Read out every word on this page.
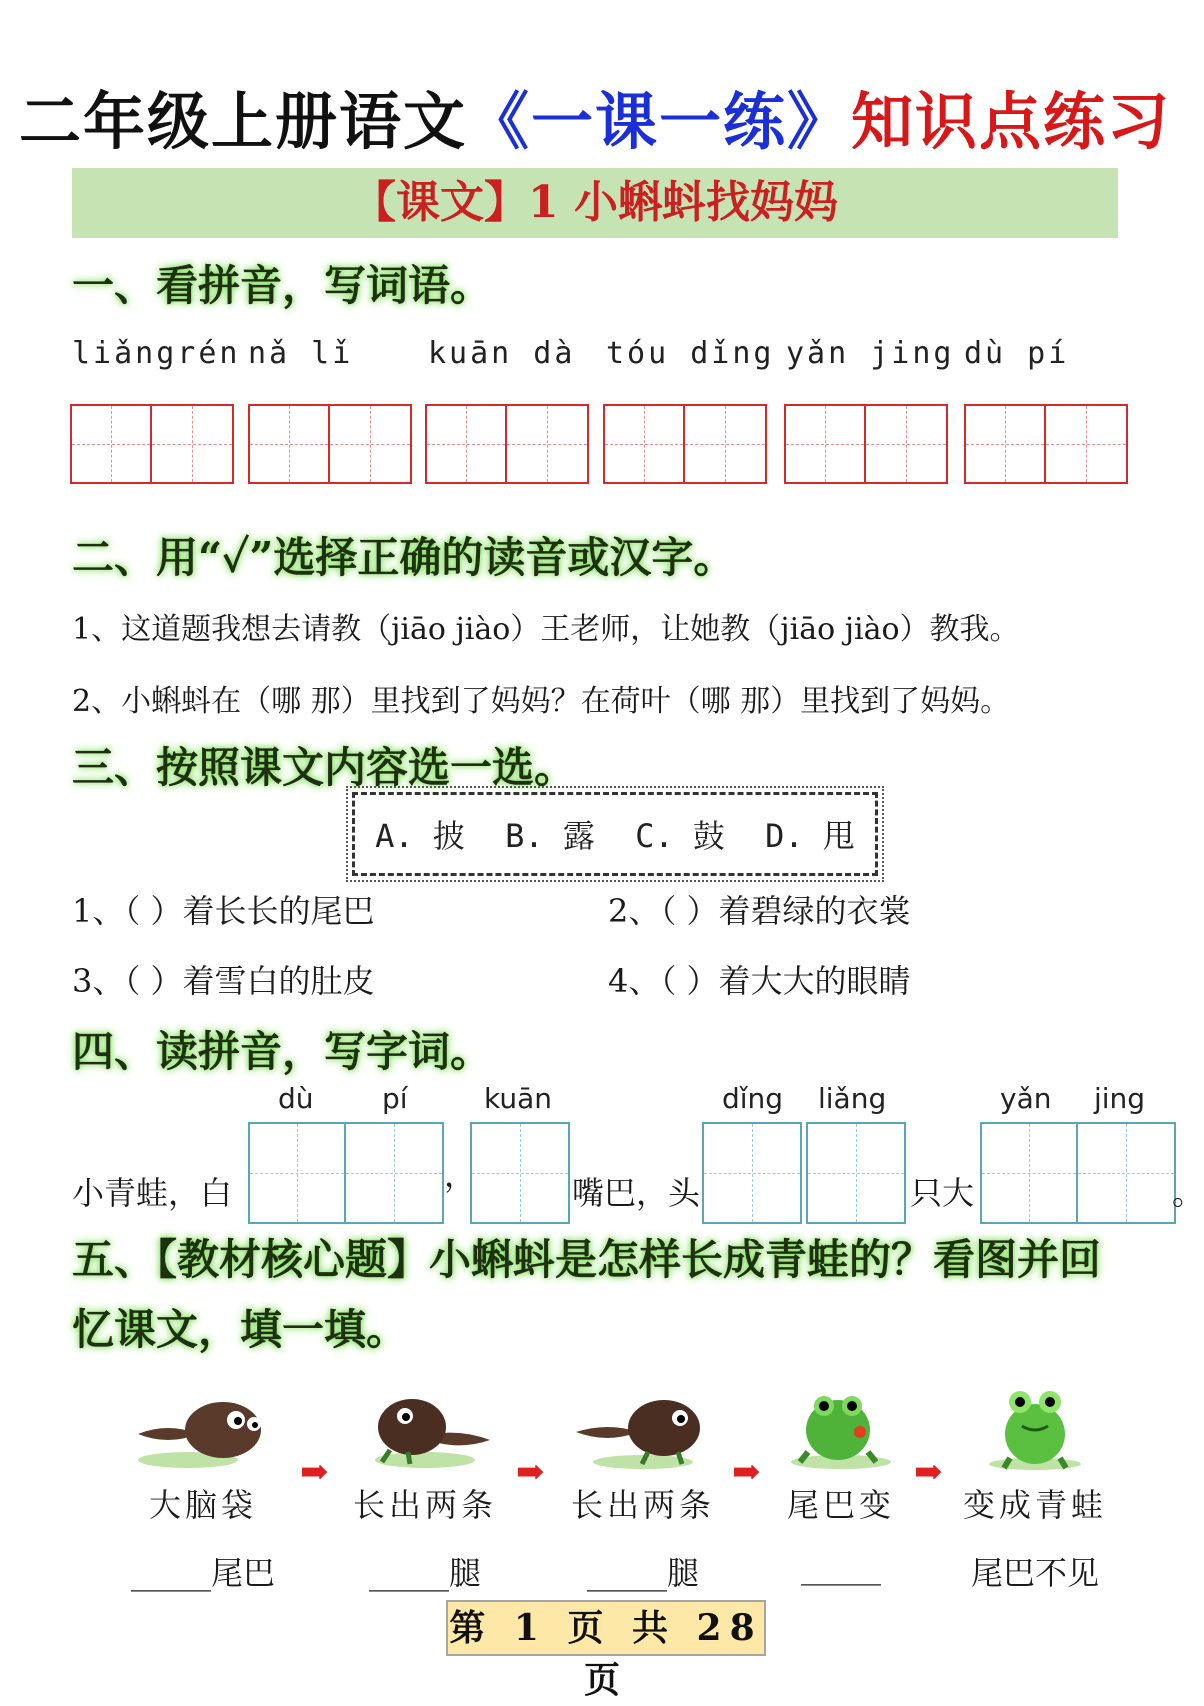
二年级上册语文《一课一练》知识点练习
【课文】1 小蝌蚪找妈妈
一、看拼音，写词语。
liǎngrén nǎ lǐ kuān dà tóu dǐng yǎn jing dù pí
二、用“✓”选择正确的读音或汉字。
1、这道题我想去请教（jiāo jiào）王老师，让她教（jiāo jiào）教我。
2、小蝌蚪在（哪 那）里找到了妈妈？在荷叶（哪 那）里找到了妈妈。
三、按照课文内容选一选。
A. 披 B. 露 C. 鼓 D. 甩
1、（ ）着长长的尾巴	2、（ ）着碧绿的衣裳
3、（ ）着雪白的肚皮	4、（ ）着大大的眼睛
四、读拼音，写字词。
dù pí	kuān	dǐng liǎng	yǎn jing
小青蛙，白	，	嘴巴，头	只大	。
五、【教材核心题】小蝌蚪是怎样长成青蛙的？看图并回
忆课文，填一填。
大脑袋
_____尾巴
➡
长出两条
_____腿
➡
长出两条
_____腿
➡
尾巴变
_____
➡
变成青蛙
尾巴不见
第 1 页 共 28 页
